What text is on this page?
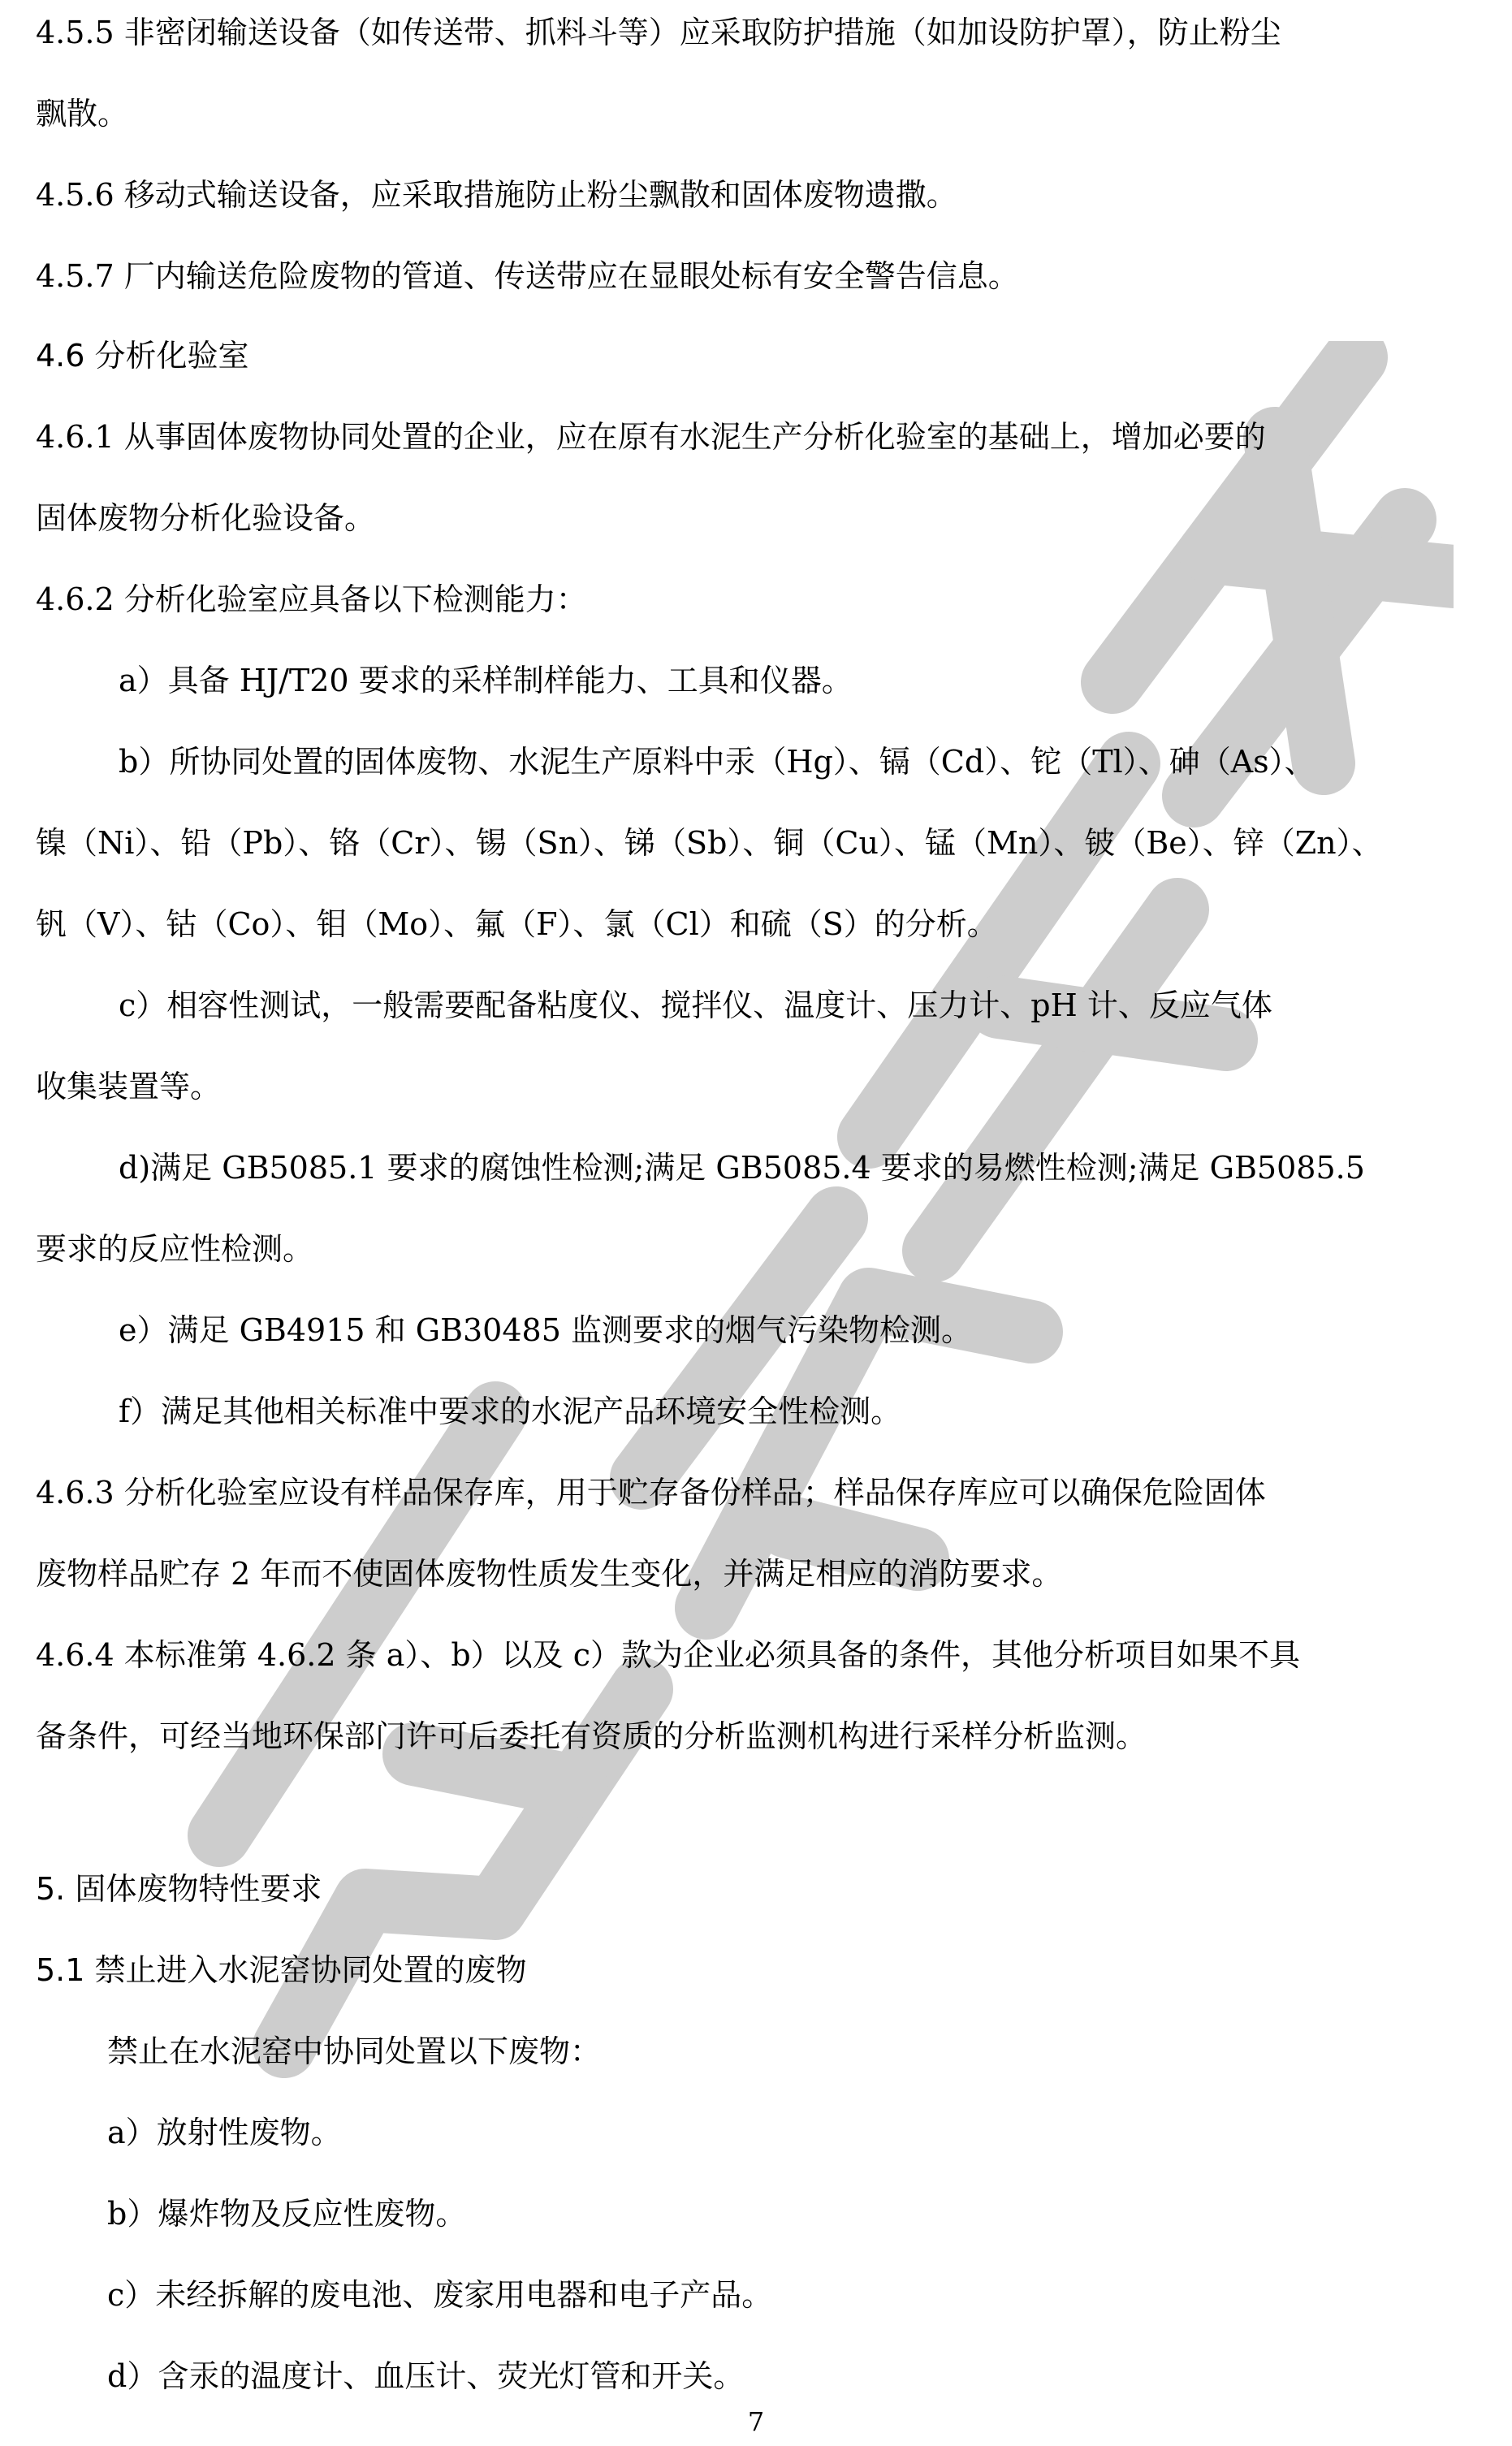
4.5.5 非密闭输送设备（如传送带、抓料斗等）应采取防护措施（如加设防护罩），防止粉尘
飘散。
4.5.6 移动式输送设备，应采取措施防止粉尘飘散和固体废物遗撒。
4.5.7 厂内输送危险废物的管道、传送带应在显眼处标有安全警告信息。
4.6 分析化验室
4.6.1 从事固体废物协同处置的企业，应在原有水泥生产分析化验室的基础上，增加必要的
固体废物分析化验设备。
4.6.2 分析化验室应具备以下检测能力：
a）具备 HJ/T20 要求的采样制样能力、工具和仪器。
b）所协同处置的固体废物、水泥生产原料中汞（Hg）、镉（Cd）、铊（Tl）、砷（As）、
镍（Ni）、铅（Pb）、铬（Cr）、锡（Sn）、锑（Sb）、铜（Cu）、锰（Mn）、铍（Be）、锌（Zn）、
钒（V）、钴（Co）、钼（Mo）、氟（F）、氯（Cl）和硫（S）的分析。
c）相容性测试，一般需要配备粘度仪、搅拌仪、温度计、压力计、pH 计、反应气体
收集装置等。
d)满足 GB5085.1 要求的腐蚀性检测;满足 GB5085.4 要求的易燃性检测;满足 GB5085.5
要求的反应性检测。
e）满足 GB4915 和 GB30485 监测要求的烟气污染物检测。
f）满足其他相关标准中要求的水泥产品环境安全性检测。
4.6.3 分析化验室应设有样品保存库，用于贮存备份样品；样品保存库应可以确保危险固体
废物样品贮存 2 年而不使固体废物性质发生变化，并满足相应的消防要求。
4.6.4 本标准第 4.6.2 条 a）、b）以及 c）款为企业必须具备的条件，其他分析项目如果不具
备条件，可经当地环保部门许可后委托有资质的分析监测机构进行采样分析监测。
5. 固体废物特性要求
5.1 禁止进入水泥窑协同处置的废物
禁止在水泥窑中协同处置以下废物：
a）放射性废物。
b）爆炸物及反应性废物。
c）未经拆解的废电池、废家用电器和电子产品。
d）含汞的温度计、血压计、荧光灯管和开关。
7
